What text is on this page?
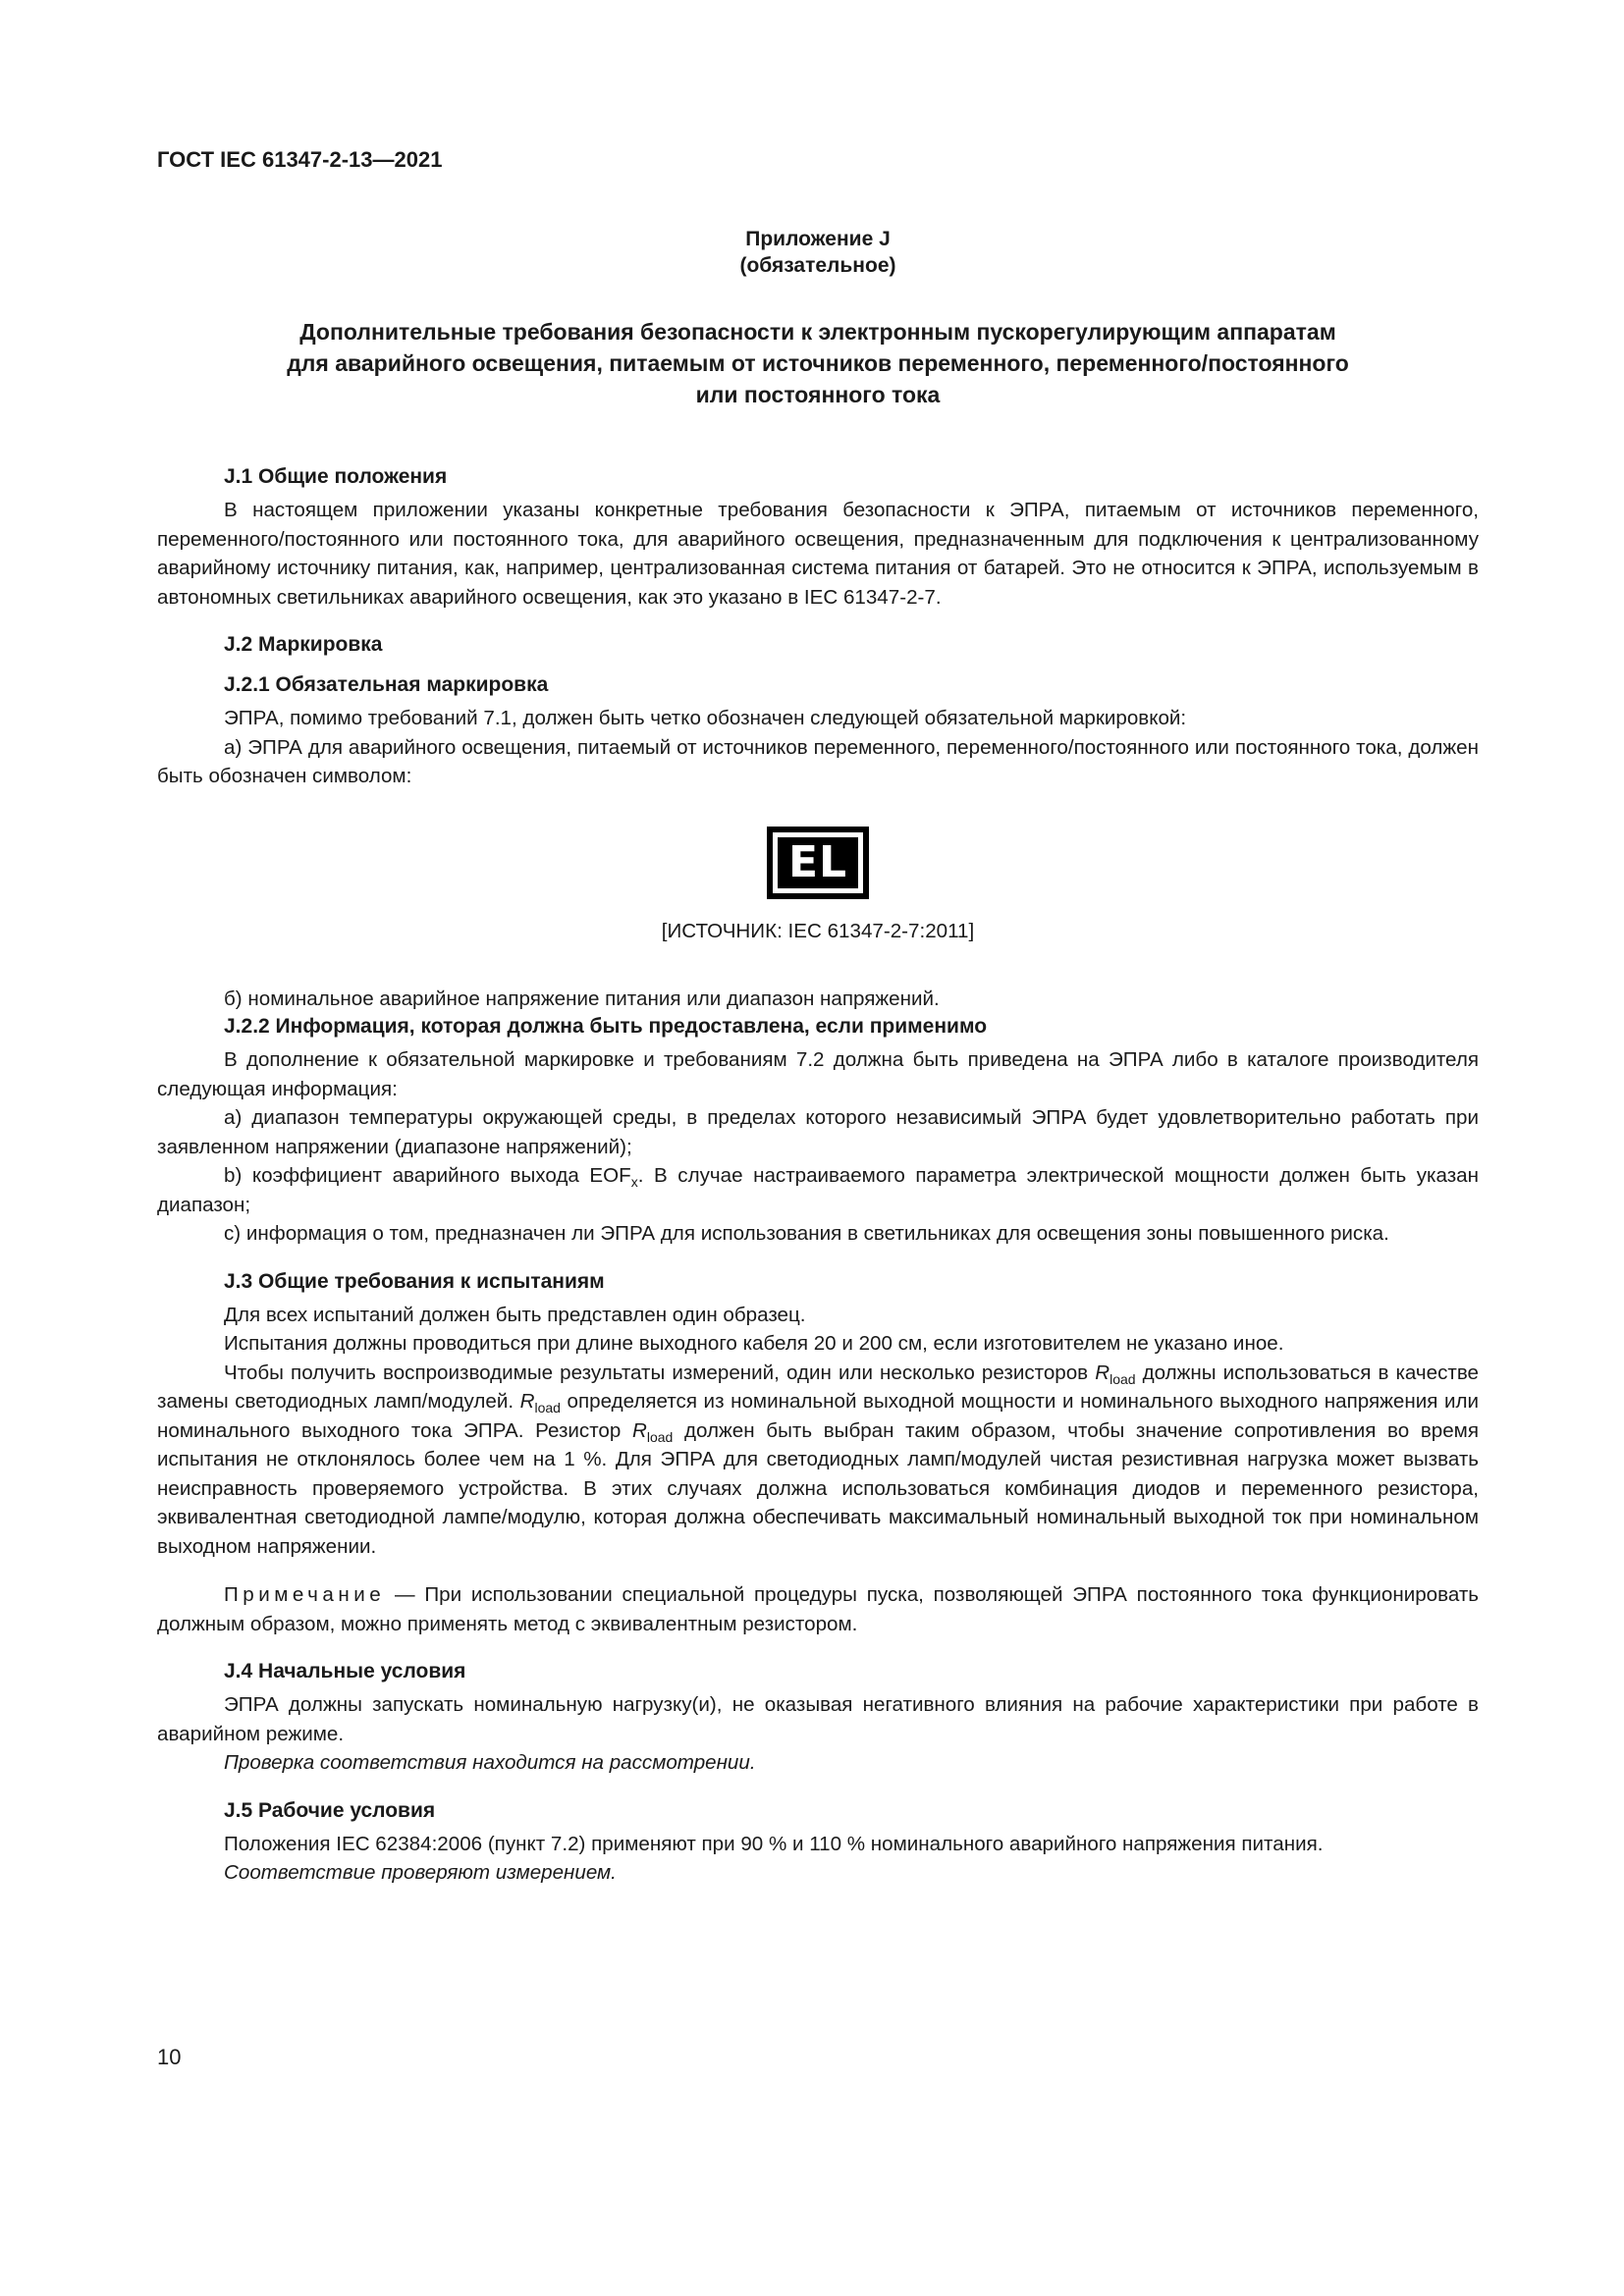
ГОСТ IEC 61347-2-13—2021
Приложение J
(обязательное)
Дополнительные требования безопасности к электронным пускорегулирующим аппаратам
для аварийного освещения, питаемым от источников переменного, переменного/постоянного
или постоянного тока
J.1 Общие положения

В настоящем приложении указаны конкретные требования безопасности к ЭПРА, питаемым от источников переменного, переменного/постоянного или постоянного тока, для аварийного освещения, предназначенным для подключения к централизованному аварийному источнику питания, как, например, централизованная система питания от батарей. Это не относится к ЭПРА, используемым в автономных светильниках аварийного освещения, как это указано в IEC 61347-2-7.

J.2 Маркировка
J.2.1 Обязательная маркировка

ЭПРА, помимо требований 7.1, должен быть четко обозначен следующей обязательной маркировкой:

а) ЭПРА для аварийного освещения, питаемый от источников переменного, переменного/постоянного или постоянного тока, должен быть обозначен символом:

EL
[ИСТОЧНИК: IEC 61347-2-7:2011]

б) номинальное аварийное напряжение питания или диапазон напряжений.

J.2.2 Информация, которая должна быть предоставлена, если применимо

В дополнение к обязательной маркировке и требованиям 7.2 должна быть приведена на ЭПРА либо в каталоге производителя следующая информация:

а) диапазон температуры окружающей среды, в пределах которого независимый ЭПРА будет удовлетворительно работать при заявленном напряжении (диапазоне напряжений);

b) коэффициент аварийного выхода $EOF_x$. В случае настраиваемого параметра электрической мощности должен быть указан диапазон;

c) информация о том, предназначен ли ЭПРА для использования в светильниках для освещения зоны повышенного риска.

J.3 Общие требования к испытаниям

Для всех испытаний должен быть представлен один образец.

Испытания должны проводиться при длине выходного кабеля 20 и 200 см, если изготовителем не указано иное.

Чтобы получить воспроизводимые результаты измерений, один или несколько резисторов $R_{load}$ должны использоваться в качестве замены светодиодных ламп/модулей. $R_{load}$ определяется из номинальной выходной мощности и номинального выходного напряжения или номинального выходного тока ЭПРА. Резистор $R_{load}$ должен быть выбран таким образом, чтобы значение сопротивления во время испытания не отклонялось более чем на 1 %. Для ЭПРА для светодиодных ламп/модулей чистая резистивная нагрузка может вызвать неисправность проверяемого устройства. В этих случаях должна использоваться комбинация диодов и переменного резистора, эквивалентная светодиодной лампе/модулю, которая должна обеспечивать максимальный номинальный выходной ток при номинальном выходном напряжении.

Примечание — При использовании специальной процедуры пуска, позволяющей ЭПРА постоянного тока функционировать должным образом, можно применять метод с эквивалентным резистором.

J.4 Начальные условия

ЭПРА должны запускать номинальную нагрузку(и), не оказывая негативного влияния на рабочие характеристики при работе в аварийном режиме.

Проверка соответствия находится на рассмотрении.

J.5 Рабочие условия

Положения IEC 62384:2006 (пункт 7.2) применяют при 90 % и 110 % номинального аварийного напряжения питания.

Соответствие проверяют измерением.

10
